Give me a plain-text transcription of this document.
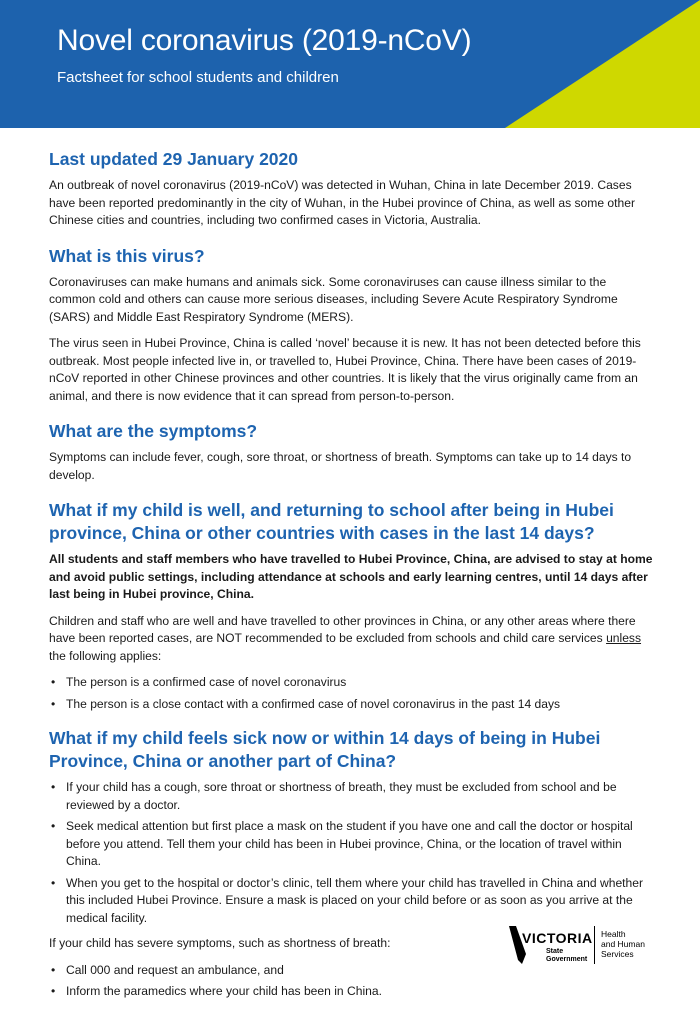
Novel coronavirus (2019-nCoV)
Factsheet for school students and children
Last updated 29 January 2020

An outbreak of novel coronavirus (2019-nCoV) was detected in Wuhan, China in late December 2019. Cases have been reported predominantly in the city of Wuhan, in the Hubei province of China, as well as some other Chinese cities and countries, including two confirmed cases in Victoria, Australia.

What is this virus?

Coronaviruses can make humans and animals sick. Some coronaviruses can cause illness similar to the common cold and others can cause more serious diseases, including Severe Acute Respiratory Syndrome (SARS) and Middle East Respiratory Syndrome (MERS).

The virus seen in Hubei Province, China is called ‘novel’ because it is new. It has not been detected before this outbreak. Most people infected live in, or travelled to, Hubei Province, China. There have been cases of 2019-nCoV reported in other Chinese provinces and other countries. It is likely that the virus originally came from an animal, and there is now evidence that it can spread from person-to-person.

What are the symptoms?

Symptoms can include fever, cough, sore throat, or shortness of breath. Symptoms can take up to 14 days to develop.

What if my child is well, and returning to school after being in Hubei province, China or other countries with cases in the last 14 days?

All students and staff members who have travelled to Hubei Province, China, are advised to stay at home and avoid public settings, including attendance at schools and early learning centres, until 14 days after last being in Hubei province, China.

Children and staff who are well and have travelled to other provinces in China, or any other areas where there have been reported cases, are NOT recommended to be excluded from schools and child care services unless the following applies:

• The person is a confirmed case of novel coronavirus
• The person is a close contact with a confirmed case of novel coronavirus in the past 14 days
What if my child feels sick now or within 14 days of being in Hubei Province, China or another part of China?
• If your child has a cough, sore throat or shortness of breath, they must be excluded from school and be reviewed by a doctor.
• Seek medical attention but first place a mask on the student if you have one and call the doctor or hospital before you attend. Tell them your child has been in Hubei province, China, or the location of travel within China.
• When you get to the hospital or doctor’s clinic, tell them where your child has travelled in China and whether this included Hubei Province. Ensure a mask is placed on your child before or as soon as you arrive at the medical facility.

If your child has severe symptoms, such as shortness of breath:

• Call 000 and request an ambulance, and
• Inform the paramedics where your child has been in China.
VICTORIA
State
Government
Health
and Human
Services
